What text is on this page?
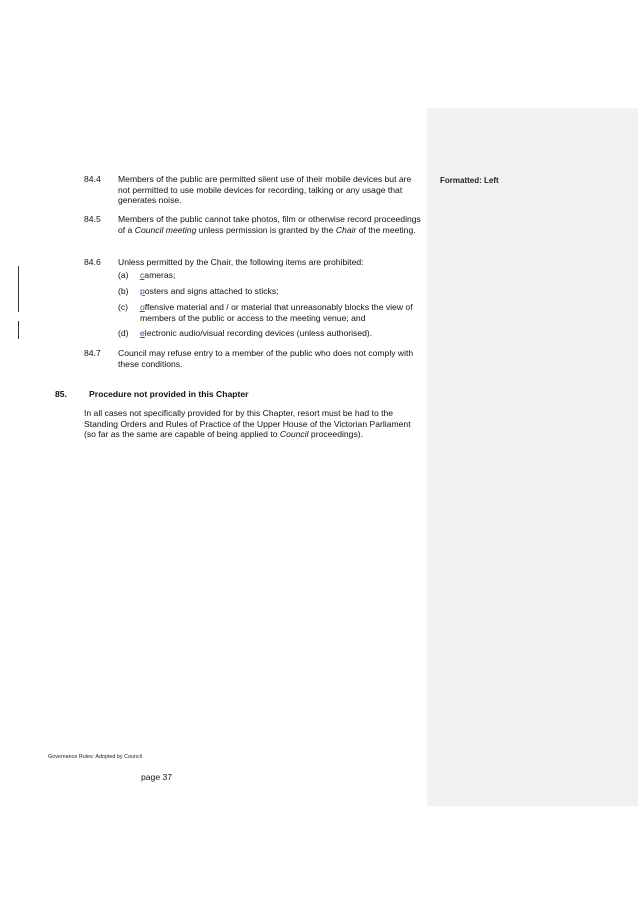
Formatted: Left
84.4 Members of the public are permitted silent use of their mobile devices but are not permitted to use mobile devices for recording, talking or any usage that generates noise.
84.5 Members of the public cannot take photos, film or otherwise record proceedings of a Council meeting unless permission is granted by the Chair of the meeting.
84.6 Unless permitted by the Chair, the following items are prohibited:
(a) cameras;
(b) posters and signs attached to sticks;
(c) offensive material and / or material that unreasonably blocks the view of members of the public or access to the meeting venue; and
(d) electronic audio/visual recording devices (unless authorised).
84.7 Council may refuse entry to a member of the public who does not comply with these conditions.
85.	Procedure not provided in this Chapter
In all cases not specifically provided for by this Chapter, resort must be had to the Standing Orders and Rules of Practice of the Upper House of the Victorian Parliament (so far as the same are capable of being applied to Council proceedings).
Governance Rules: Adopted by Council
page 37
